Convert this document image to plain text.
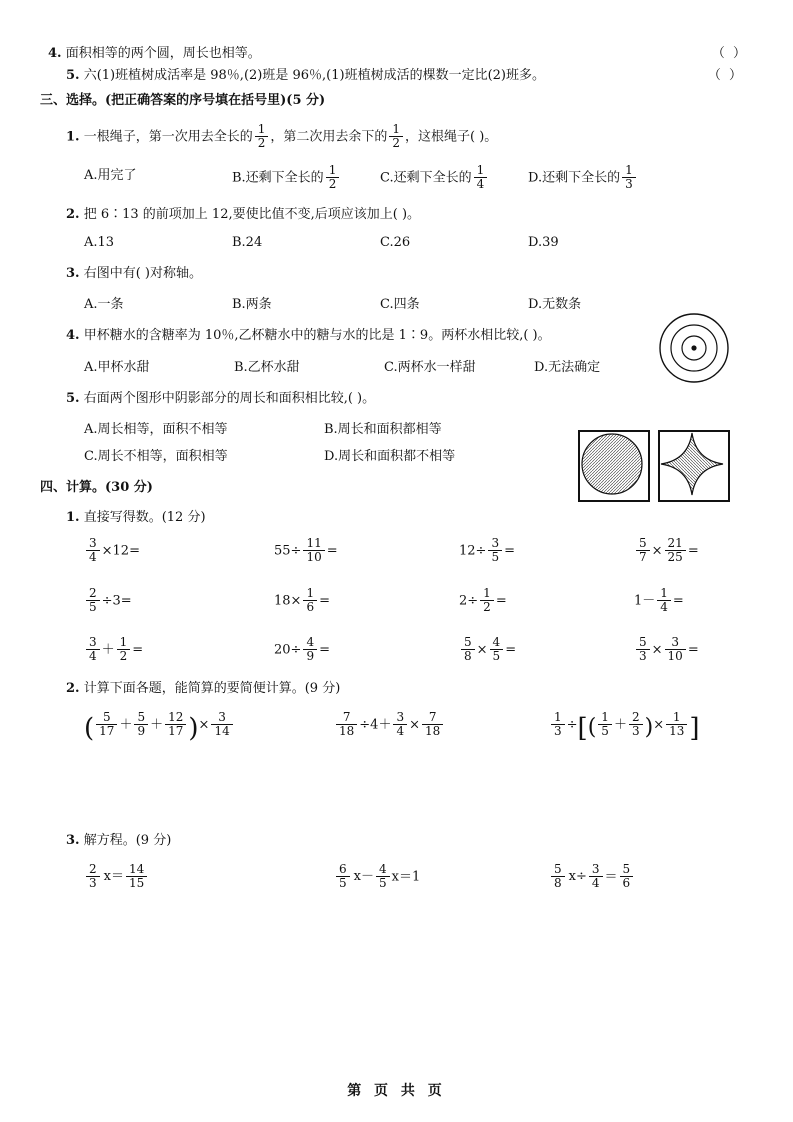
4. 面积相等的两个圆，周长也相等。	（ ）
5. 六(1)班植树成活率是 98％,(2)班是 96％,(1)班植树成活的棵数一定比(2)班多。	（ ）
三、选择。(把正确答案的序号填在括号里)(5 分)
1. 一根绳子，第一次用去全长的 $\frac{1}{2}$ ，第二次用去余下的 $\frac{1}{2}$ ，这根绳子( )。
A.用完了	B.还剩下全长的 $\frac{1}{2}$	C.还剩下全长的 $\frac{1}{4}$	D.还剩下全长的 $\frac{1}{3}$
2. 把 6∶13 的前项加上 12,要使比值不变,后项应该加上( )。
A.13	B.24	C.26	D.39
3. 右图中有( )对称轴。
A.一条	B.两条	C.四条	D.无数条
4. 甲杯糖水的含糖率为 10％,乙杯糖水中的糖与水的比是 1∶9。两杯水相比较,( )。
A.甲杯水甜	B.乙杯水甜	C.两杯水一样甜	D.无法确定
5. 右面两个图形中阴影部分的周长和面积相比较,( )。
A.周长相等，面积不相等	B.周长和面积都相等
C.周长不相等，面积相等	D.周长和面积都不相等
四、计算。(30 分)
1. 直接写得数。(12 分)
$\frac{3}{4} \times 12=$	$55\div \frac{11}{10}$ =	$12\div \frac{3}{5}$ =	$\frac{5}{7} \times \frac{21}{25}$ =
$\frac{2}{5} \div 3=$	$18\times \frac{1}{6}$ =	$2\div \frac{1}{2}$ =	$1- \frac{1}{4}$ =
$\frac{3}{4} + \frac{1}{2}$ =	$20\div \frac{4}{9}$ =	$\frac{5}{8} \times \frac{4}{5}$ =	$\frac{5}{3} \times \frac{3}{10}$ =
2. 计算下面各题，能简算的要简便计算。(9 分)
( $\frac{5}{17} + \frac{5}{9} + \frac{12}{17}$ )× $\frac{3}{14}$	$\frac{7}{18} \div 4+ \frac{3}{4} \times \frac{7}{18}$	$\frac{1}{3}$ ÷[( $\frac{1}{5} + \frac{2}{3}$ )× $\frac{1}{13}$ ]
3. 解方程。(9 分)
$\frac{2}{3} x= \frac{14}{15}$	$\frac{6}{5} x- \frac{4}{5} x=1$	$\frac{5}{8} x\div \frac{3}{4} = \frac{5}{6}$
第 页 共 页
